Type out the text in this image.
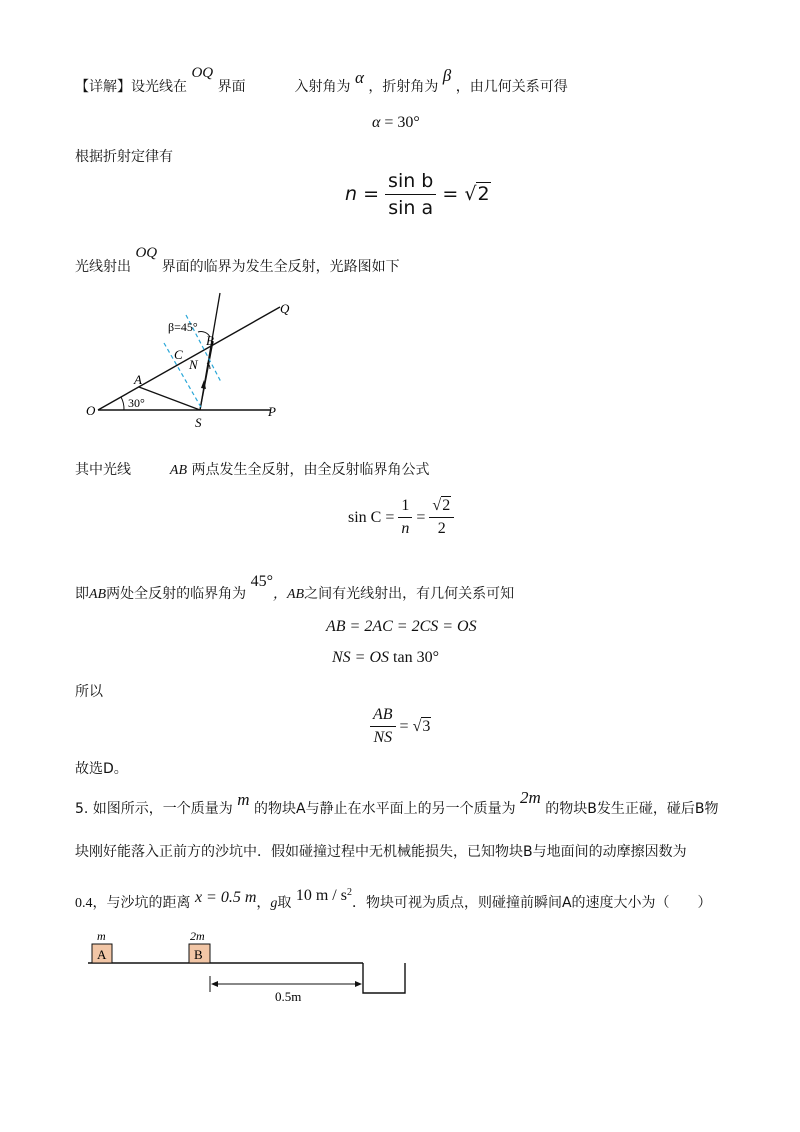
【详解】设光线在 OQ 界面	入射角为 α ，折射角为 β ，由几何关系可得
α = 30°
根据折射定律有
$n = \frac{\text{sin b}}{\text{sin a}} = √2$
光线射出 OQ 界面的临界为发生全反射，光路图如下
Q
O	P
S
A
B
C
N
30°
β=45°
其中光线	AB 两点发生全反射，由全反射临界角公式
$\sin C = \frac{1}{n} = \frac{√2}{2}$
即AB两处全反射的临界角为 45°，AB之间有光线射出，有几何关系可知
AB = 2AC = 2CS = OS
NS = OS tan 30°
所以
$\frac{AB}{NS} = √3$
故选D。
5. 如图所示，一个质量为 m 的物块A与静止在水平面上的另一个质量为 2m 的物块B发生正碰，碰后B物
块刚好能落入正前方的沙坑中．假如碰撞过程中无机械能损失，已知物块B与地面间的动摩擦因数为
0.4，与沙坑的距离 x = 0.5 m，g取 10 m / $s^2$．物块可视为质点，则碰撞前瞬间A的速度大小为（　　）
A
m
B
2m
0.5m
